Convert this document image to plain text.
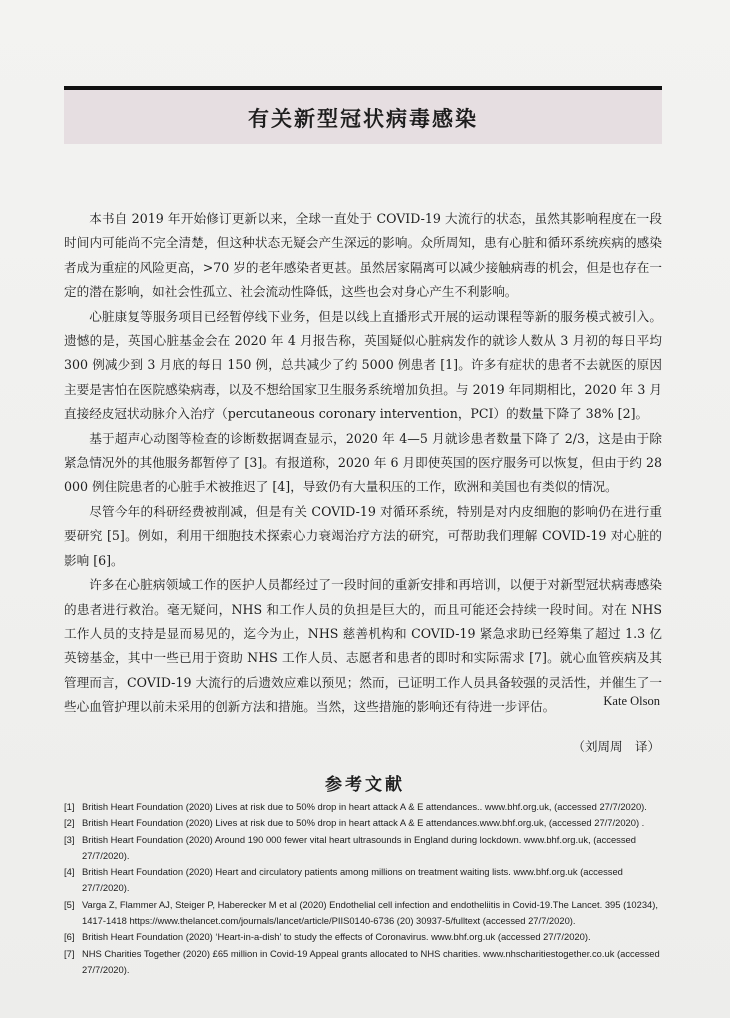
有关新型冠状病毒感染

本书自 2019 年开始修订更新以来，全球一直处于 COVID-19 大流行的状态，虽然其影响程度在一段时间内可能尚不完全清楚，但这种状态无疑会产生深远的影响。众所周知，患有心脏和循环系统疾病的感染者成为重症的风险更高，>70 岁的老年感染者更甚。虽然居家隔离可以减少接触病毒的机会，但是也存在一定的潜在影响，如社会性孤立、社会流动性降低，这些也会对身心产生不利影响。

心脏康复等服务项目已经暂停线下业务，但是以线上直播形式开展的运动课程等新的服务模式被引入。遗憾的是，英国心脏基金会在 2020 年 4 月报告称，英国疑似心脏病发作的就诊人数从 3 月初的每日平均 300 例减少到 3 月底的每日 150 例，总共减少了约 5000 例患者 [1]。许多有症状的患者不去就医的原因主要是害怕在医院感染病毒，以及不想给国家卫生服务系统增加负担。与 2019 年同期相比，2020 年 3 月直接经皮冠状动脉介入治疗（percutaneous coronary intervention，PCI）的数量下降了 38% [2]。

基于超声心动图等检查的诊断数据调查显示，2020 年 4—5 月就诊患者数量下降了 2/3，这是由于除紧急情况外的其他服务都暂停了 [3]。有报道称，2020 年 6 月即使英国的医疗服务可以恢复，但由于约 28 000 例住院患者的心脏手术被推迟了 [4]，导致仍有大量积压的工作，欧洲和美国也有类似的情况。

尽管今年的科研经费被削减，但是有关 COVID-19 对循环系统，特别是对内皮细胞的影响仍在进行重要研究 [5]。例如，利用干细胞技术探索心力衰竭治疗方法的研究，可帮助我们理解 COVID-19 对心脏的影响 [6]。

许多在心脏病领域工作的医护人员都经过了一段时间的重新安排和再培训，以便于对新型冠状病毒感染的患者进行救治。毫无疑问，NHS 和工作人员的负担是巨大的，而且可能还会持续一段时间。对在 NHS 工作人员的支持是显而易见的，迄今为止，NHS 慈善机构和 COVID-19 紧急求助已经筹集了超过 1.3 亿英镑基金，其中一些已用于资助 NHS 工作人员、志愿者和患者的即时和实际需求 [7]。就心血管疾病及其管理而言，COVID-19 大流行的后遗效应难以预见；然而，已证明工作人员具备较强的灵活性，并催生了一些心血管护理以前未采用的创新方法和措施。当然，这些措施的影响还有待进一步评估。	Kate Olson
（刘周周　译）
参考文献
[1] British Heart Foundation (2020) Lives at risk due to 50% drop in heart attack A & E attendances.. www.bhf.org.uk, (accessed 27/7/2020).
[2] British Heart Foundation (2020) Lives at risk due to 50% drop in heart attack A & E attendances.www.bhf.org.uk, (accessed 27/7/2020) .
[3] British Heart Foundation (2020) Around 190 000 fewer vital heart ultrasounds in England during lockdown. www.bhf.org.uk, (accessed 27/7/2020).
[4] British Heart Foundation (2020) Heart and circulatory patients among millions on treatment waiting lists. www.bhf.org.uk (accessed 27/7/2020).
[5] Varga Z, Flammer AJ, Steiger P, Haberecker M et al (2020) Endothelial cell infection and endotheliitis in Covid-19.The Lancet. 395 (10234), 1417-1418 https://www.thelancet.com/journals/lancet/article/PIIS0140-6736 (20) 30937-5/fulltext (accessed 27/7/2020).
[6] British Heart Foundation (2020) ‘Heart-in-a-dish’ to study the effects of Coronavirus. www.bhf.org.uk (accessed 27/7/2020).
[7] NHS Charities Together (2020) £65 million in Covid-19 Appeal grants allocated to NHS charities. www.nhscharitiestogether.co.uk (accessed 27/7/2020).
